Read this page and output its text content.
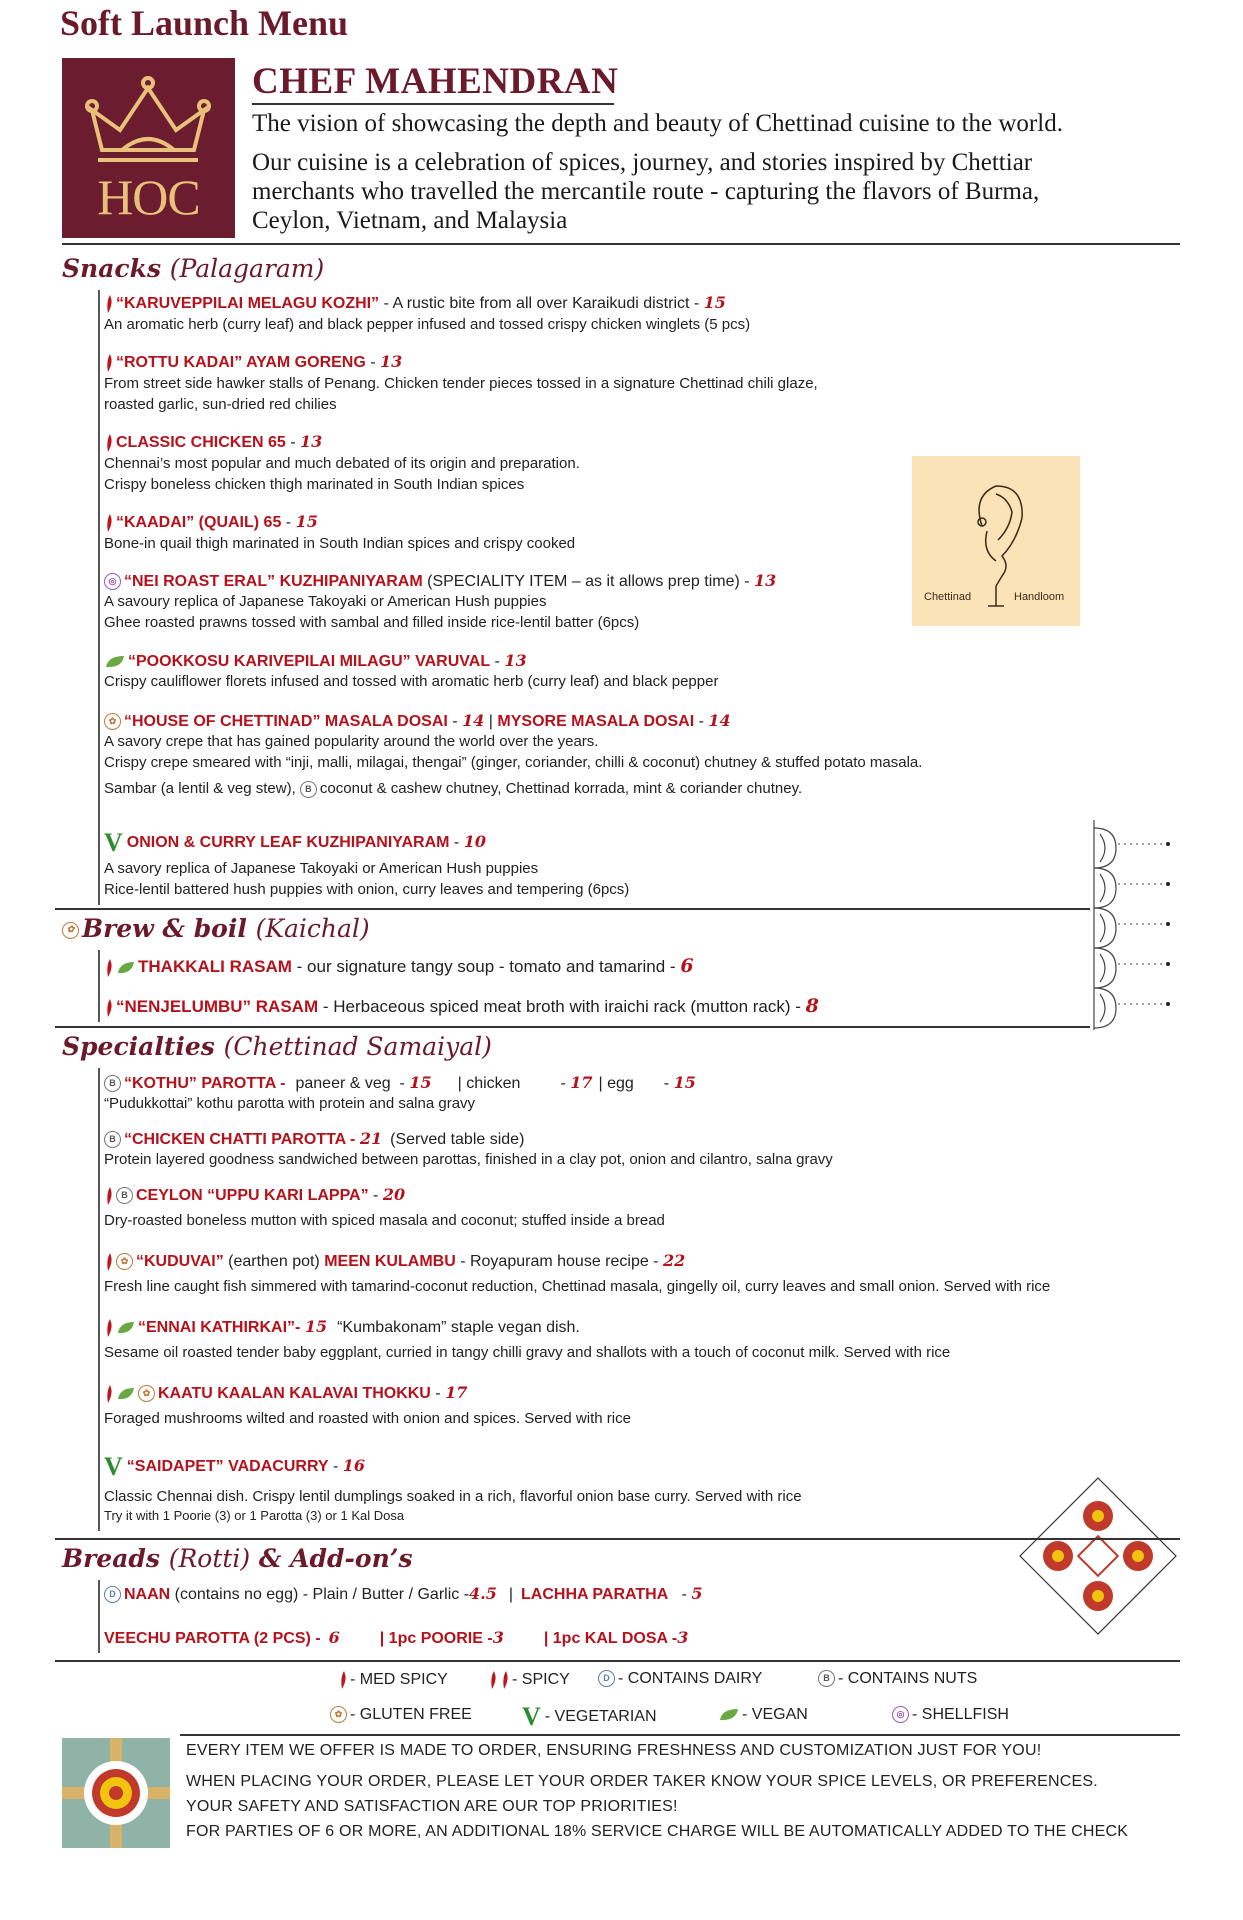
Soft Launch Menu
HOC
CHEF MAHENDRAN
The vision of showcasing the depth and beauty of Chettinad cuisine to the world.
Our cuisine is a celebration of spices, journey, and stories inspired by Chettiar
merchants who travelled the mercantile route - capturing the flavors of Burma,
Ceylon, Vietnam, and Malaysia
Snacks (Palagaram)
“KARUVEPPILAI MELAGU KOZHI” - A rustic bite from all over Karaikudi district - 15
An aromatic herb (curry leaf) and black pepper infused and tossed crispy chicken winglets (5 pcs)
“ROTTU KADAI” AYAM GORENG - 13
From street side hawker stalls of Penang. Chicken tender pieces tossed in a signature Chettinad chili glaze,
roasted garlic, sun-dried red chilies
CLASSIC CHICKEN 65 - 13
Chennai’s most popular and much debated of its origin and preparation.
Crispy boneless chicken thigh marinated in South Indian spices
“KAADAI” (QUAIL) 65 - 15
Bone-in quail thigh marinated in South Indian spices and crispy cooked
◎ “NEI ROAST ERAL” KUZHIPANIYARAM (SPECIALITY ITEM – as it allows prep time) - 13
A savoury replica of Japanese Takoyaki or American Hush puppies
Ghee roasted prawns tossed with sambal and filled inside rice-lentil batter (6pcs)
“POOKKOSU KARIVEPILAI MILAGU” VARUVAL - 13
Crispy cauliflower florets infused and tossed with aromatic herb (curry leaf) and black pepper
✿ “HOUSE OF CHETTINAD” MASALA DOSAI - 14 | MYSORE MASALA DOSAI - 14
A savory crepe that has gained popularity around the world over the years.
Crispy crepe smeared with “inji, malli, milagai, thengai” (ginger, coriander, chilli & coconut) chutney & stuffed potato masala.
Sambar (a lentil & veg stew), B coconut & cashew chutney, Chettinad korrada, mint & coriander chutney.
VONION & CURRY LEAF KUZHIPANIYARAM - 10
A savory replica of Japanese Takoyaki or American Hush puppies
Rice-lentil battered hush puppies with onion, curry leaves and tempering (6pcs)
Chettinad	Handloom
✿ Brew & boil (Kaichal)
THAKKALI RASAM - our signature tangy soup - tomato and tamarind - 6
“NENJELUMBU” RASAM - Herbaceous spiced meat broth with iraichi rack (mutton rack) - 8
Specialties (Chettinad Samaiyal)
B “KOTHU” PAROTTA - paneer & veg  - 15 | chicken	- 17 | egg - 15
“Pudukkottai” kothu parotta with protein and salna gravy
B “CHICKEN CHATTI PAROTTA - 21 (Served table side)
Protein layered goodness sandwiched between parottas, finished in a clay pot, onion and cilantro, salna gravy
B CEYLON “UPPU KARI LAPPA” - 20
Dry-roasted boneless mutton with spiced masala and coconut; stuffed inside a bread
✿ “KUDUVAI” (earthen pot) MEEN KULAMBU - Royapuram house recipe - 22
Fresh line caught fish simmered with tamarind-coconut reduction, Chettinad masala, gingelly oil, curry leaves and small onion. Served with rice
“ENNAI KATHIRKAI”- 15 “Kumbakonam” staple vegan dish.
Sesame oil roasted tender baby eggplant, curried in tangy chilli gravy and shallots with a touch of coconut milk. Served with rice
✿ KAATU KAALAN KALAVAI THOKKU - 17
Foraged mushrooms wilted and roasted with onion and spices. Served with rice
V “SAIDAPET” VADACURRY - 16
Classic Chennai dish. Crispy lentil dumplings soaked in a rich, flavorful onion base curry. Served with rice
Try it with 1 Poorie (3) or 1 Parotta (3) or 1 Kal Dosa
Breads (Rotti) & Add-on’s
D NAAN (contains no egg) - Plain / Butter / Garlic -4.5 | LACHHA PARATHA   - 5
VEECHU PAROTTA (2 PCS) - 6	| 1pc POORIE -3	| 1pc KAL DOSA -3
- MED SPICY	- SPICY	D - CONTAINS DAIRY	B - CONTAINS NUTS
✿ - GLUTEN FREE V - VEGETARIAN	- VEGAN	◎ - SHELLFISH
EVERY ITEM WE OFFER IS MADE TO ORDER, ENSURING FRESHNESS AND CUSTOMIZATION JUST FOR YOU!
WHEN PLACING YOUR ORDER, PLEASE LET YOUR ORDER TAKER KNOW YOUR SPICE LEVELS, OR PREFERENCES.
YOUR SAFETY AND SATISFACTION ARE OUR TOP PRIORITIES!
FOR PARTIES OF 6 OR MORE, AN ADDITIONAL 18% SERVICE CHARGE WILL BE AUTOMATICALLY ADDED TO THE CHECK
